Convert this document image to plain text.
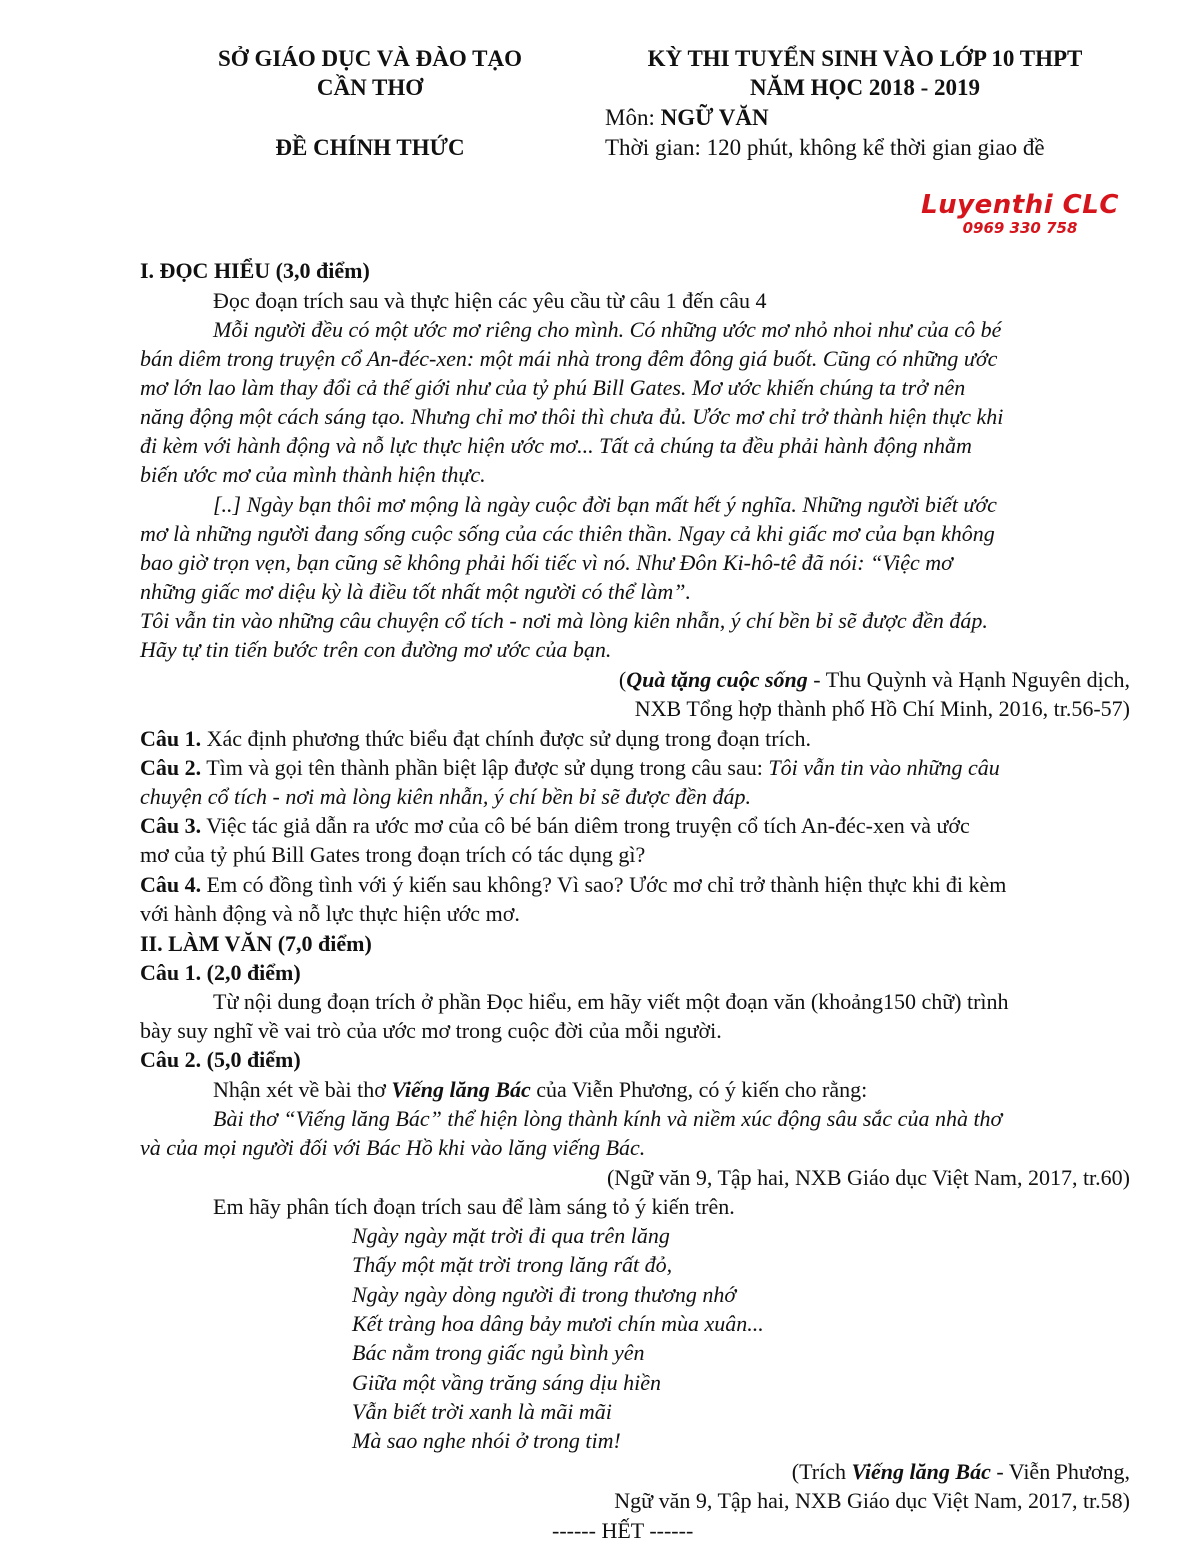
SỞ GIÁO DỤC VÀ ĐÀO TẠO
CẦN THƠ
ĐỀ CHÍNH THỨC
KỲ THI TUYỂN SINH VÀO LỚP 10 THPT
NĂM HỌC 2018 - 2019
Môn: NGỮ VĂN
Thời gian: 120 phút, không kể thời gian giao đề
Luyenthi CLC
0969 330 758
I. ĐỌC HIỂU (3,0 điểm)
Đọc đoạn trích sau và thực hiện các yêu cầu từ câu 1 đến câu 4
Mỗi người đều có một ước mơ riêng cho mình. Có những ước mơ nhỏ nhoi như của cô bé
bán diêm trong truyện cổ An-đéc-xen: một mái nhà trong đêm đông giá buốt. Cũng có những ước
mơ lớn lao làm thay đổi cả thế giới như của tỷ phú Bill Gates. Mơ ước khiến chúng ta trở nên
năng động một cách sáng tạo. Nhưng chỉ mơ thôi thì chưa đủ. Ước mơ chỉ trở thành hiện thực khi
đi kèm với hành động và nỗ lực thực hiện ước mơ... Tất cả chúng ta đều phải hành động nhằm
biến ước mơ của mình thành hiện thực.
[..] Ngày bạn thôi mơ mộng là ngày cuộc đời bạn mất hết ý nghĩa. Những người biết ước
mơ là những người đang sống cuộc sống của các thiên thần. Ngay cả khi giấc mơ của bạn không
bao giờ trọn vẹn, bạn cũng sẽ không phải hối tiếc vì nó. Như Đôn Ki-hô-tê đã nói: “Việc mơ
những giấc mơ diệu kỳ là điều tốt nhất một người có thể làm”.
Tôi vẫn tin vào những câu chuyện cổ tích - nơi mà lòng kiên nhẫn, ý chí bền bỉ sẽ được đền đáp.
Hãy tự tin tiến bước trên con đường mơ ước của bạn.
(Quà tặng cuộc sống - Thu Quỳnh và Hạnh Nguyên dịch,
NXB Tổng hợp thành phố Hồ Chí Minh, 2016, tr.56-57)
Câu 1. Xác định phương thức biểu đạt chính được sử dụng trong đoạn trích.
Câu 2. Tìm và gọi tên thành phần biệt lập được sử dụng trong câu sau: Tôi vẫn tin vào những câu
chuyện cổ tích - nơi mà lòng kiên nhẫn, ý chí bền bỉ sẽ được đền đáp.
Câu 3. Việc tác giả dẫn ra ước mơ của cô bé bán diêm trong truyện cổ tích An-đéc-xen và ước
mơ của tỷ phú Bill Gates trong đoạn trích có tác dụng gì?
Câu 4. Em có đồng tình với ý kiến sau không? Vì sao? Ước mơ chỉ trở thành hiện thực khi đi kèm
với hành động và nỗ lực thực hiện ước mơ.
II. LÀM VĂN (7,0 điểm)
Câu 1. (2,0 điểm)
Từ nội dung đoạn trích ở phần Đọc hiểu, em hãy viết một đoạn văn (khoảng150 chữ) trình
bày suy nghĩ về vai trò của ước mơ trong cuộc đời của mỗi người.
Câu 2. (5,0 điểm)
Nhận xét về bài thơ Viếng lăng Bác của Viễn Phương, có ý kiến cho rằng:
Bài thơ “Viếng lăng Bác” thể hiện lòng thành kính và niềm xúc động sâu sắc của nhà thơ
và của mọi người đối với Bác Hồ khi vào lăng viếng Bác.
(Ngữ văn 9, Tập hai, NXB Giáo dục Việt Nam, 2017, tr.60)
Em hãy phân tích đoạn trích sau để làm sáng tỏ ý kiến trên.
Ngày ngày mặt trời đi qua trên lăng
Thấy một mặt trời trong lăng rất đỏ,
Ngày ngày dòng người đi trong thương nhớ
Kết tràng hoa dâng bảy mươi chín mùa xuân...
Bác nằm trong giấc ngủ bình yên
Giữa một vầng trăng sáng dịu hiền
Vẫn biết trời xanh là mãi mãi
Mà sao nghe nhói ở trong tim!
(Trích Viếng lăng Bác - Viễn Phương,
Ngữ văn 9, Tập hai, NXB Giáo dục Việt Nam, 2017, tr.58)
------ HẾT ------
